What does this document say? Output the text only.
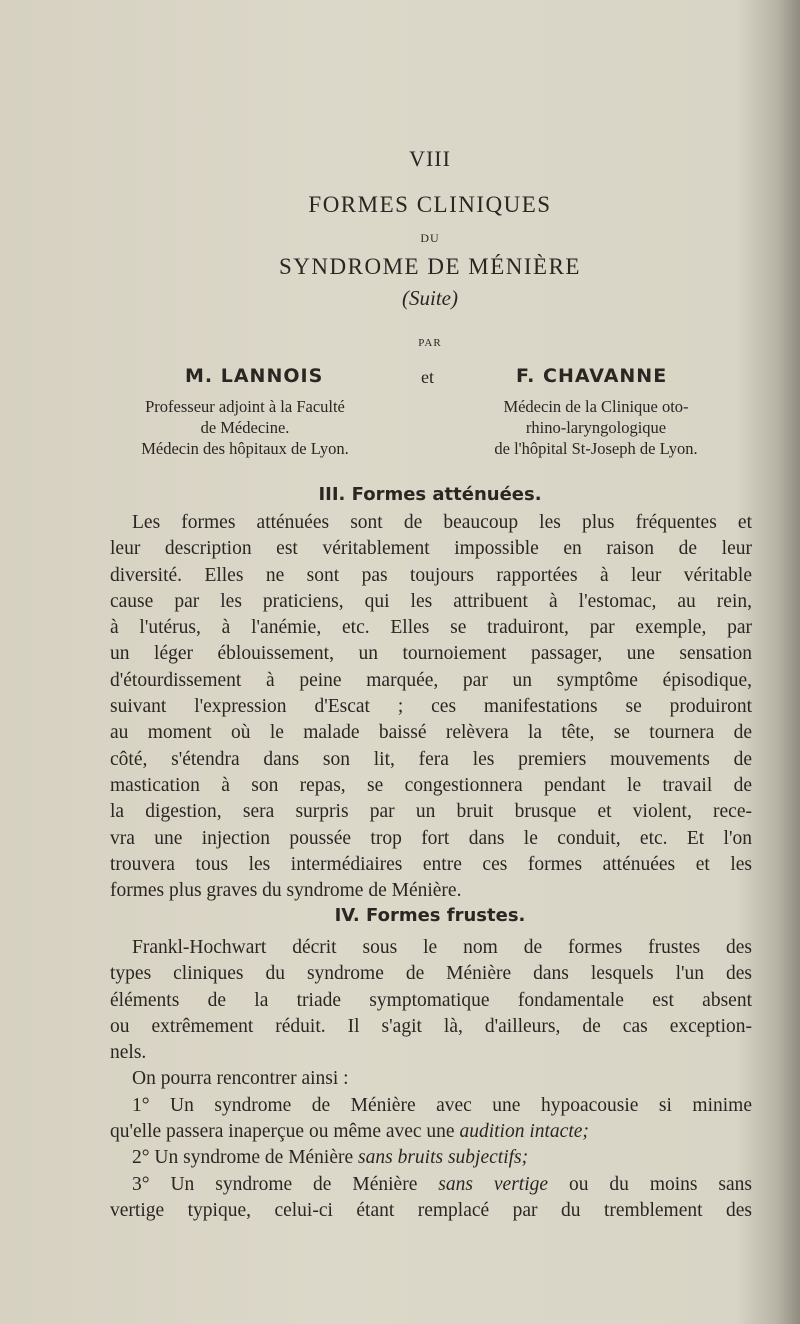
VIII
FORMES CLINIQUES
DU
SYNDROME DE MÉNIÈRE
(Suite)
PAR
M. LANNOIS	et	F. CHAVANNE
Professeur adjoint à la Faculté
de Médecine.
Médecin des hôpitaux de Lyon.
Médecin de la Clinique oto-
rhino-laryngologique
de l'hôpital St-Joseph de Lyon.
III. Formes atténuées.
Les formes atténuées sont de beaucoup les plus fréquentes et
leur description est véritablement impossible en raison de leur
diversité. Elles ne sont pas toujours rapportées à leur véritable
cause par les praticiens, qui les attribuent à l'estomac, au rein,
à l'utérus, à l'anémie, etc. Elles se traduiront, par exemple, par
un léger éblouissement, un tournoiement passager, une sensation
d'étourdissement à peine marquée, par un symptôme épisodique,
suivant l'expression d'Escat ; ces manifestations se produiront
au moment où le malade baissé relèvera la tête, se tournera de
côté, s'étendra dans son lit, fera les premiers mouvements de
mastication à son repas, se congestionnera pendant le travail de
la digestion, sera surpris par un bruit brusque et violent, rece-
vra une injection poussée trop fort dans le conduit, etc. Et l'on
trouvera tous les intermédiaires entre ces formes atténuées et les
formes plus graves du syndrome de Ménière.
IV. Formes frustes.
Frankl-Hochwart décrit sous le nom de formes frustes des
types cliniques du syndrome de Ménière dans lesquels l'un des
éléments de la triade symptomatique fondamentale est absent
ou extrêmement réduit. Il s'agit là, d'ailleurs, de cas exception-
nels.
On pourra rencontrer ainsi :
1° Un syndrome de Ménière avec une hypoacousie si minime
qu'elle passera inaperçue ou même avec une audition intacte;
2° Un syndrome de Ménière sans bruits subjectifs;
3° Un syndrome de Ménière sans vertige ou du moins sans
vertige typique, celui-ci étant remplacé par du tremblement des
